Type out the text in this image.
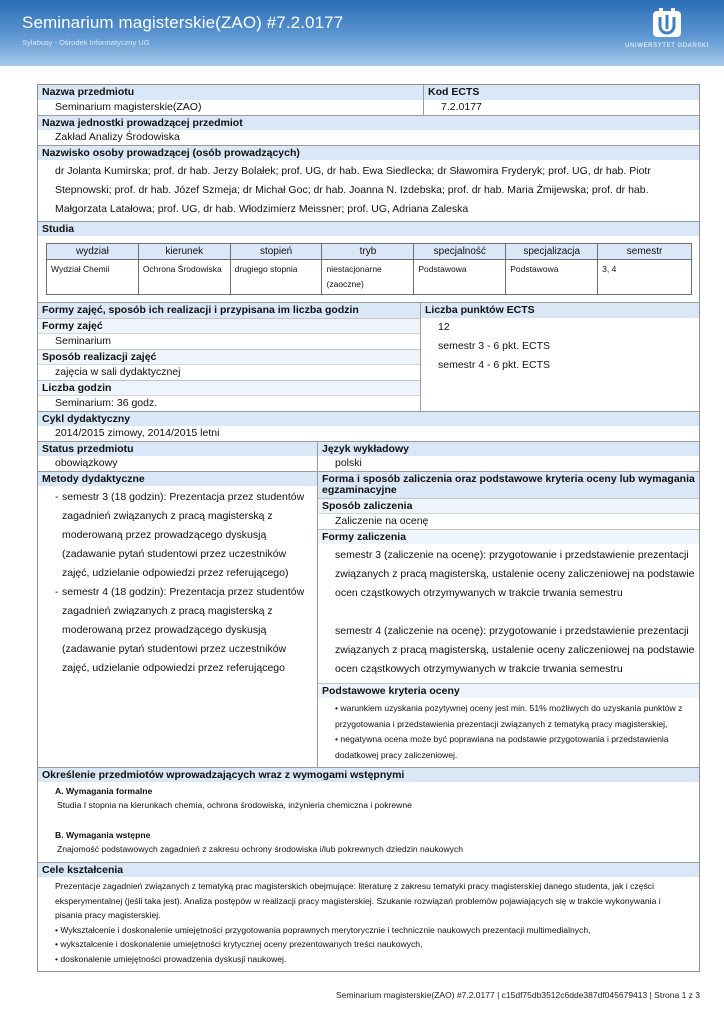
Seminarium magisterskie(ZAO) #7.2.0177
Sylabusy - Ośrodek Informatyczny UG	UNIWERSYTET GDAŃSKI
Nazwa przedmiotu
Seminarium magisterskie(ZAO)
Kod ECTS
7.2.0177
Nazwa jednostki prowadzącej przedmiot
Zakład Analizy Środowiska
Nazwisko osoby prowadzącej (osób prowadzących)
dr Jolanta Kumirska; prof. dr hab. Jerzy Bolałek; prof. UG, dr hab. Ewa Siedlecka; dr Sławomira Fryderyk; prof. UG, dr hab. Piotr Stepnowski; prof. dr hab. Józef Szmeja; dr Michał Goc; dr hab. Joanna N. Izdebska; prof. dr hab. Maria Żmijewska; prof. dr hab. Małgorzata Latałowa; prof. UG, dr hab. Włodzimierz Meissner; prof. UG, Adriana Zaleska
Studia
wydział	kierunek	stopień	tryb	specjalność	specjalizacja	semestr
Wydział Chemii	Ochrona Środowiska	drugiego stopnia	niestacjonarne (zaoczne)	Podstawowa	Podstawowa	3, 4
Formy zajęć, sposób ich realizacji i przypisana im liczba godzin
Formy zajęć
Seminarium
Sposób realizacji zajęć
zajęcia w sali dydaktycznej
Liczba godzin
Seminarium: 36 godz.
Liczba punktów ECTS
12
semestr 3 - 6 pkt. ECTS
semestr 4 - 6 pkt. ECTS
Cykl dydaktyczny
2014/2015 zimowy, 2014/2015 letni
Status przedmiotu
obowiązkowy
Język wykładowy
polski
Metody dydaktyczne
- semestr 3 (18 godzin): Prezentacja przez studentów zagadnień związanych z pracą magisterską z moderowaną przez prowadzącego dyskusją (zadawanie pytań studentowi przez uczestników zajęć, udzielanie odpowiedzi przez referującego)
- semestr 4 (18 godzin): Prezentacja przez studentów zagadnień związanych z pracą magisterską z moderowaną przez prowadzącego dyskusją (zadawanie pytań studentowi przez uczestników zajęć, udzielanie odpowiedzi przez referującego
Forma i sposób zaliczenia oraz podstawowe kryteria oceny lub wymagania egzaminacyjne
Sposób zaliczenia
Zaliczenie na ocenę
Formy zaliczenia

semestr 3 (zaliczenie na ocenę): przygotowanie i przedstawienie prezentacji związanych z pracą magisterską, ustalenie oceny zaliczeniowej na podstawie ocen cząstkowych otrzymywanych w trakcie trwania semestru

semestr 4 (zaliczenie na ocenę): przygotowanie i przedstawienie prezentacji związanych z pracą magisterską, ustalenie oceny zaliczeniowej na podstawie ocen cząstkowych otrzymywanych w trakcie trwania semestru

Podstawowe kryteria oceny
• warunkiem uzyskania pozytywnej oceny jest min. 51% możliwych do uzyskania punktów z przygotowania i przedstawienia prezentacji związanych z tematyką pracy magisterskiej,
• negatywna ocena może być poprawiana na podstawie przygotowania i przedstawienia dodatkowej pracy zaliczeniowej.
Określenie przedmiotów wprowadzających wraz z wymogami wstępnymi
A. Wymagania formalne
Studia I stopnia na kierunkach chemia, ochrona środowiska, inżynieria chemiczna i pokrewne
B. Wymagania wstępne
Znajomość podstawowych zagadnień z zakresu ochrony środowiska i/lub pokrewnych dziedzin naukowych
Cele kształcenia
Prezentacje zagadnień związanych z tematyką prac magisterskich obejmujące: literaturę z zakresu tematyki pracy magisterskiej danego studenta, jak i części eksperymentalnej (jeśli taka jest). Analiza postępów w realizacji pracy magisterskiej. Szukanie rozwiązań problemów pojawiających się w trakcie wykonywania i pisania pracy magisterskiej.
• Wykształcenie i doskonalenie umiejętności przygotowania poprawnych merytorycznie i technicznie naukowych prezentacji multimedialnych,
• wykształcenie i doskonalenie umiejętności krytycznej oceny prezentowanych treści naukowych,
• doskonalenie umiejętności prowadzenia dyskusji naukowej.
Seminarium magisterskie(ZAO) #7.2.0177 | c15df75db3512c6dde387df045679413 | Strona 1 z 3
